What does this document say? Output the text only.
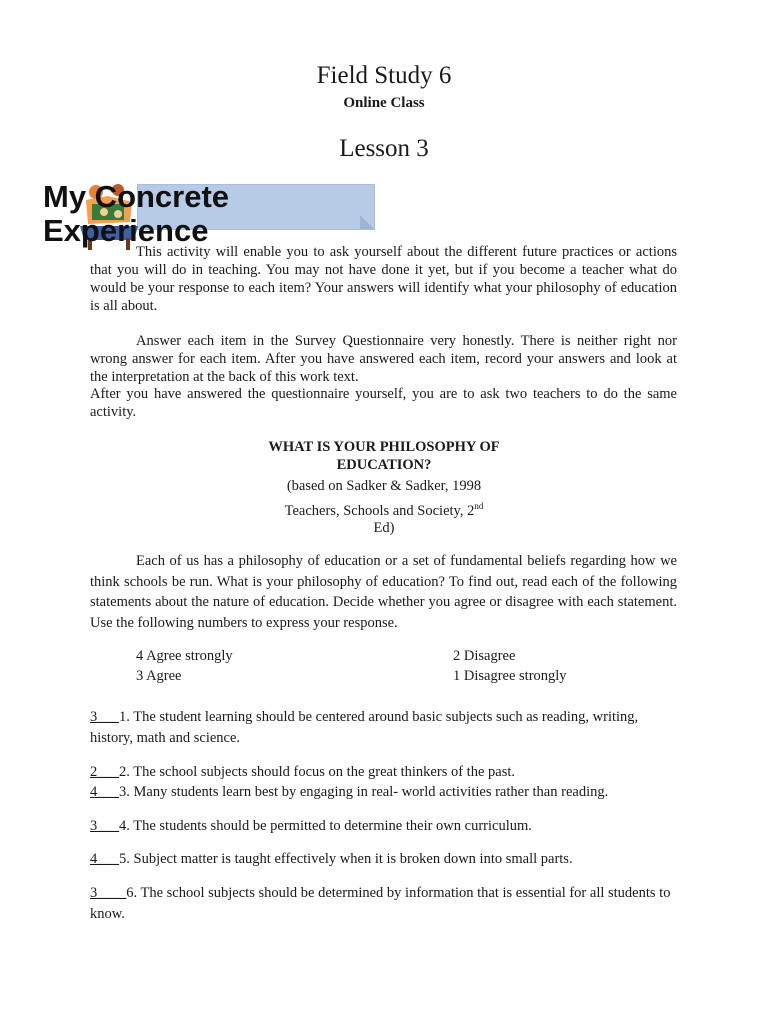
Field Study 6
Online Class
Lesson 3
My Concrete
Experience
This activity will enable you to ask yourself about the different future practices or actions that you will do in teaching. You may not have done it yet, but if you become a teacher what do would be your response to each item? Your answers will identify what your philosophy of education is all about.
Answer each item in the Survey Questionnaire very honestly. There is neither right nor wrong answer for each item. After you have answered each item, record your answers and look at the interpretation at the back of this work text.
After you have answered the questionnaire yourself, you are to ask two teachers to do the same activity.
WHAT IS YOUR PHILOSOPHY OF
EDUCATION?
(based on Sadker & Sadker, 1998
Teachers, Schools and Society, 2nd
Ed)
Each of us has a philosophy of education or a set of fundamental beliefs regarding how we think schools be run. What is your philosophy of education? To find out, read each of the following statements about the nature of education. Decide whether you agree or disagree with each statement. Use the following numbers to express your response.
4 Agree strongly
3 Agree
2 Disagree
1 Disagree strongly
3___1. The student learning should be centered around basic subjects such as reading, writing, history, math and science.
2___2. The school subjects should focus on the great thinkers of the past.
4___3. Many students learn best by engaging in real- world activities rather than reading.
3___4. The students should be permitted to determine their own curriculum.
4___5. Subject matter is taught effectively when it is broken down into small parts.
3____6. The school subjects should be determined by information that is essential for all students to know.
